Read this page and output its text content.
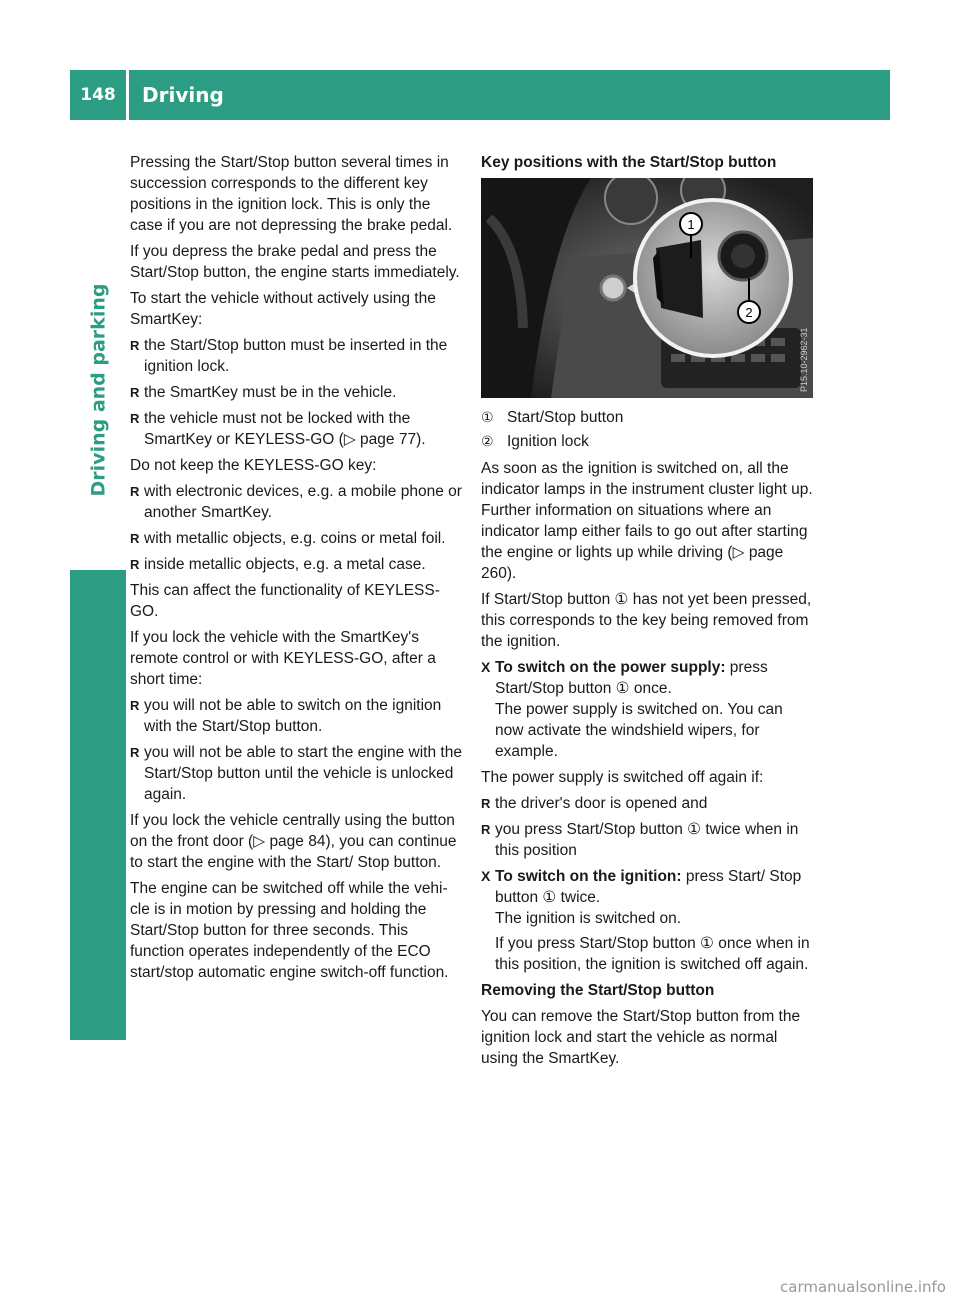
148	Driving
Driving and parking

Pressing the Start/Stop button several times in succession corresponds to the different key positions in the ignition lock. This is only the case if you are not depressing the brake pedal.

If you depress the brake pedal and press the Start/Stop button, the engine starts immediately.

To start the vehicle without actively using the SmartKey:

R the Start/Stop button must be inserted in the ignition lock.
R the SmartKey must be in the vehicle.
R the vehicle must not be locked with the SmartKey or KEYLESS-GO (▷ page 77).

Do not keep the KEYLESS-GO key:

R with electronic devices, e.g. a mobile phone or another SmartKey.
R with metallic objects, e.g. coins or metal foil.
R inside metallic objects, e.g. a metal case.

This can affect the functionality of KEYLESS-GO.

If you lock the vehicle with the SmartKey's remote control or with KEYLESS-GO, after a short time:

R you will not be able to switch on the ignition with the Start/Stop button.
R you will not be able to start the engine with the Start/Stop button until the vehicle is unlocked again.

If you lock the vehicle centrally using the button on the front door (▷ page 84), you can continue to start the engine with the Start/ Stop button.

The engine can be switched off while the vehicle is in motion by pressing and holding the Start/Stop button for three seconds. This function operates independently of the ECO start/stop automatic engine switch-off function.

Key positions with the Start/Stop button

1
2
P15.10-2962-31
① Start/Stop button
② Ignition lock

As soon as the ignition is switched on, all the indicator lamps in the instrument cluster light up. Further information on situations where an indicator lamp either fails to go out after starting the engine or lights up while driving (▷ page 260).

If Start/Stop button ① has not yet been pressed, this corresponds to the key being removed from the ignition.

X To switch on the power supply: press Start/Stop button ① once.

The power supply is switched on. You can now activate the windshield wipers, for example.

The power supply is switched off again if:

R the driver's door is opened and
R you press Start/Stop button ① twice when in this position
X To switch on the ignition: press Start/ Stop button ① twice.

The ignition is switched on.

If you press Start/Stop button ① once when in this position, the ignition is switched off again.

Removing the Start/Stop button

You can remove the Start/Stop button from the ignition lock and start the vehicle as normal using the SmartKey.

carmanualsonline.info
